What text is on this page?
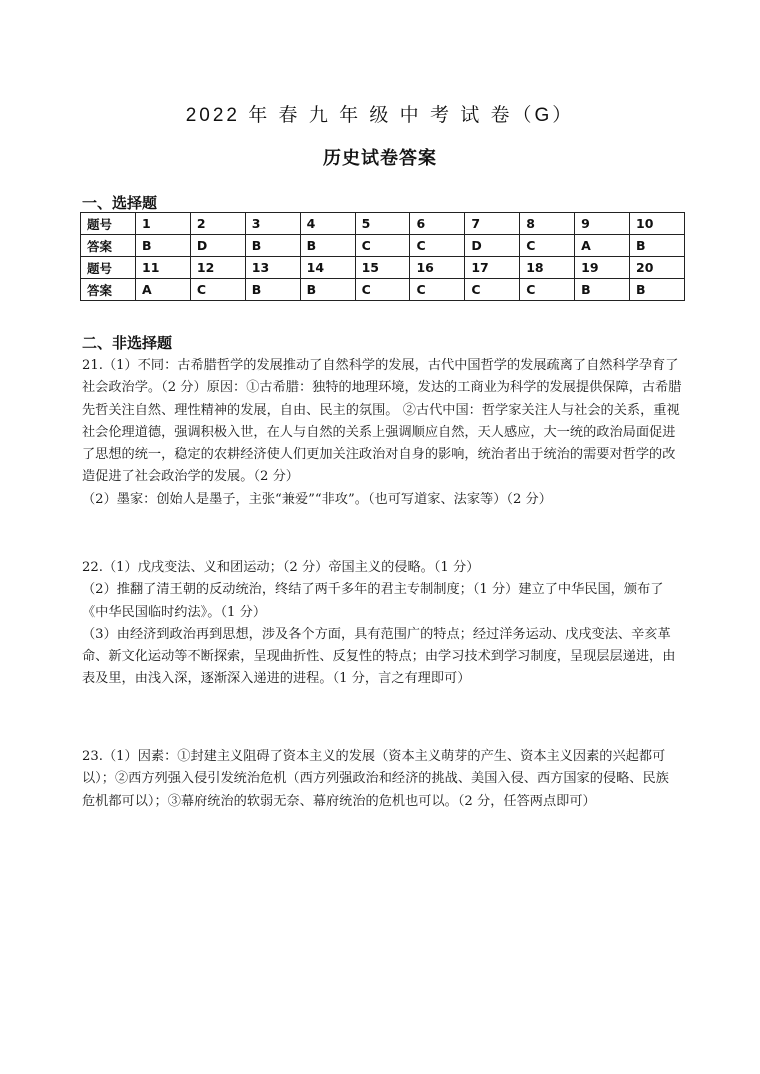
2022 年 春 九 年 级 中 考 试 卷（G）
历史试卷答案
一、选择题
题号	1	2	3	4	5	6	7	8	9	10
答案	B	D	B	B	C	C	D	C	A	B
题号	11	12	13	14	15	16	17	18	19	20
答案	A	C	B	B	C	C	C	C	B	B
二、非选择题

21.（1）不同：古希腊哲学的发展推动了自然科学的发展，古代中国哲学的发展疏离了自然科学孕育了社会政治学。（2 分）原因：①古希腊：独特的地理环境，发达的工商业为科学的发展提供保障，古希腊先哲关注自然、理性精神的发展，自由、民主的氛围。 ②古代中国：哲学家关注人与社会的关系，重视社会伦理道德，强调积极入世，在人与自然的关系上强调顺应自然，天人感应，大一统的政治局面促进了思想的统一，稳定的农耕经济使人们更加关注政治对自身的影响，统治者出于统治的需要对哲学的改造促进了社会政治学的发展。（2 分）

（2）墨家：创始人是墨子，主张“兼爱”“非攻”。（也可写道家、法家等）（2 分）

22.（1）戊戌变法、义和团运动；（2 分）帝国主义的侵略。（1 分）

（2）推翻了清王朝的反动统治，终结了两千多年的君主专制制度；（1 分）建立了中华民国，颁布了《中华民国临时约法》。（1 分）

（3）由经济到政治再到思想，涉及各个方面，具有范围广的特点；经过洋务运动、戊戌变法、辛亥革命、新文化运动等不断探索，呈现曲折性、反复性的特点；由学习技术到学习制度，呈现层层递进，由表及里，由浅入深，逐渐深入递进的进程。（1 分，言之有理即可）

23.（1）因素：①封建主义阻碍了资本主义的发展（资本主义萌芽的产生、资本主义因素的兴起都可以）；②西方列强入侵引发统治危机（西方列强政治和经济的挑战、美国入侵、西方国家的侵略、民族危机都可以）；③幕府统治的软弱无奈、幕府统治的危机也可以。（2 分，任答两点即可）
